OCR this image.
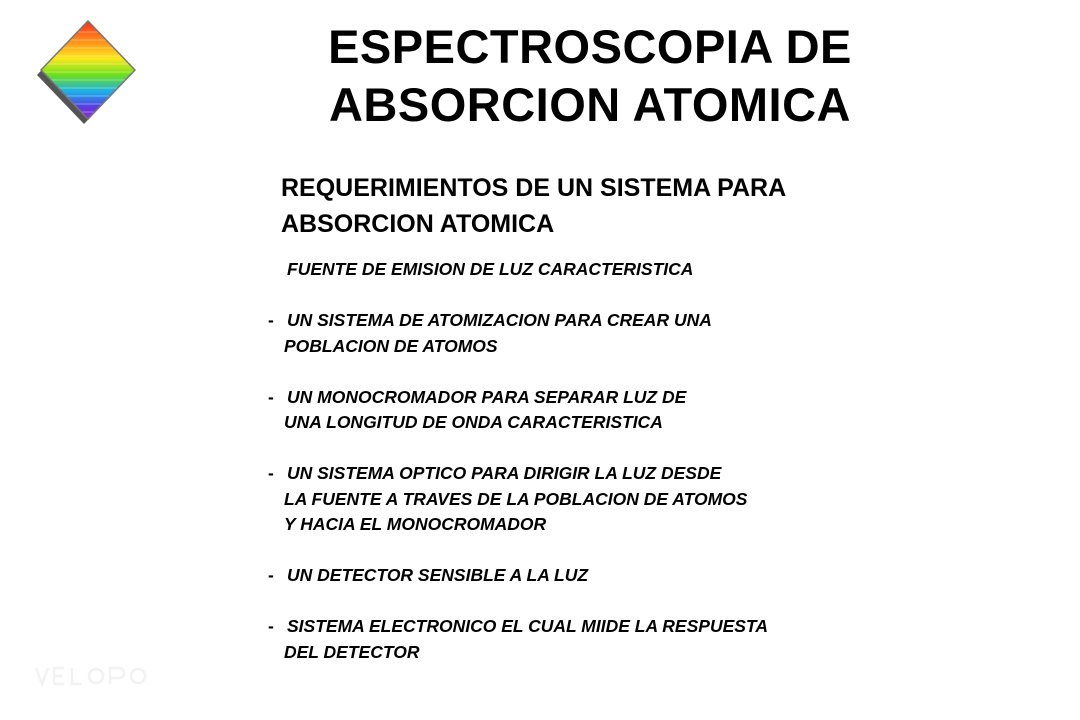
ESPECTROSCOPIA DE
ABSORCION ATOMICA
REQUERIMIENTOS DE UN SISTEMA PARA
ABSORCION ATOMICA
FUENTE DE EMISION DE LUZ CARACTERISTICA
- UN SISTEMA DE ATOMIZACION PARA CREAR UNA
POBLACION DE ATOMOS
- UN MONOCROMADOR PARA SEPARAR LUZ DE
UNA LONGITUD DE ONDA CARACTERISTICA
- UN SISTEMA OPTICO PARA DIRIGIR LA LUZ DESDE
LA FUENTE A TRAVES DE LA POBLACION DE ATOMOS
Y HACIA EL MONOCROMADOR
- UN DETECTOR SENSIBLE A LA LUZ
- SISTEMA ELECTRONICO EL CUAL MIIDE LA RESPUESTA
DEL DETECTOR
